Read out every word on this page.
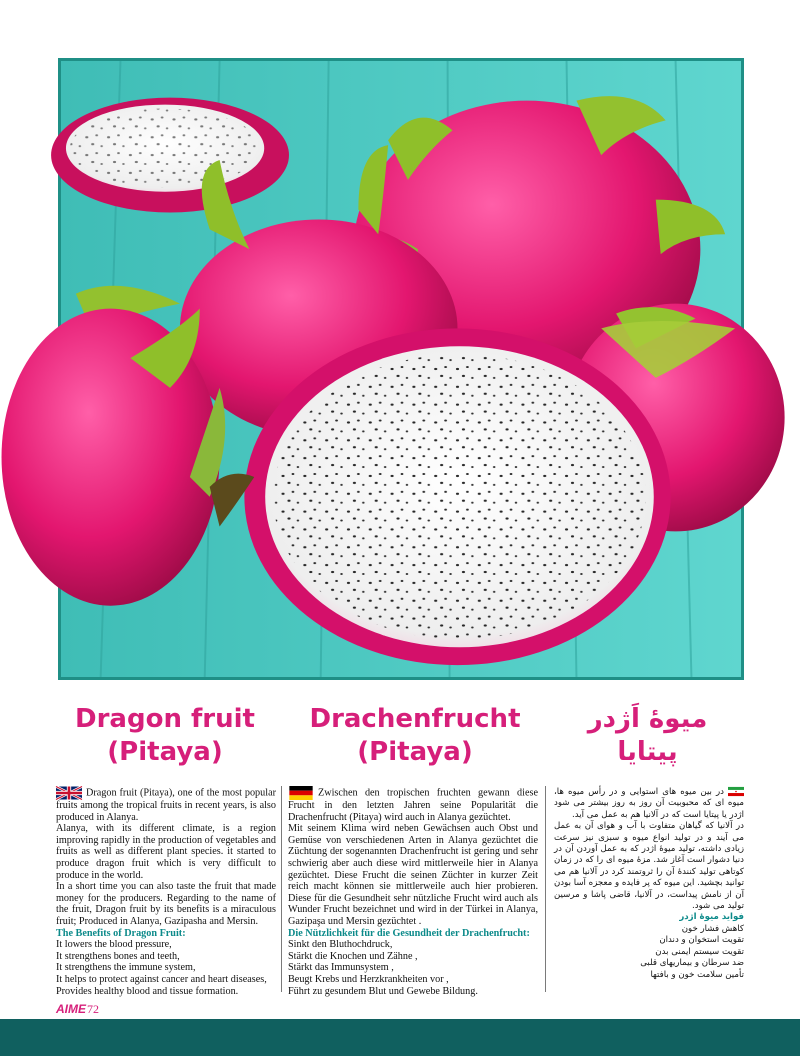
Dragon fruit
(Pitaya)
Drachenfrucht
(Pitaya)
میوهٔ اَژدر
پیتایا

Dragon fruit (Pitaya), one of the most popular fruits among the tropical fruits in recent years, is also produced in Alanya.

Alanya, with its different climate, is a region improving rapidly in the production of vegetables and fruits as well as different plant species. it started to produce dragon fruit which is very difficult to produce in the world.

In a short time you can also taste the fruit that made money for the producers. Regarding to the name of the fruit, Dragon fruit by its benefits is a miraculous fruit; Produced in Alanya, Gazipasha and Mersin.

The Benefits of Dragon Fruit:

It lowers the blood pressure,

It strengthens bones and teeth,

It strengthens the immune system,

It helps to protect against cancer and heart diseases,

Provides healthy blood and tissue formation.

Zwischen den tropischen fruchten gewann diese Frucht in den letzten Jahren seine Popularität die Drachenfrucht (Pitaya) wird auch in Alanya gezüchtet.

Mit seinem Klima wird neben Gewächsen auch Obst und Gemüse von verschiedenen Arten in Alanya gezüchtet die Züchtung der sogenannten Drachenfrucht ist gering und sehr schwierig aber auch diese wird mittlerweile hier in Alanya gezüchtet. Diese Frucht die seinen Züchter in kurzer Zeit reich macht können sie mittlerweile auch hier probieren. Diese für die Gesundheit sehr nützliche Frucht wird auch als Wunder Frucht bezeichnet und wird in der Türkei in Alanya, Gazipaşa und Mersin gezüchtet .

Die Nützlichkeit für die Gesundheit der Drachenfrucht:

Sinkt den Bluthochdruck,

Stärkt die Knochen und Zähne ,

Stärkt das Immunsystem ,

Beugt Krebs und Herzkrankheiten vor ,

Führt zu gesundem Blut und Gewebe Bildung.

در بین میوه های استوایی و در رأس میوه ها، میوه ای که محبوبیت آن روز به روز بیشتر می شود اژدر یا پیتایا است که در آلانیا هم به عمل می آید.

در آلانیا که گیاهان متفاوت با آب و هوای آن به عمل می آیند و در تولید انواع میوه و سبزی نیز سرعت زیادی داشته، تولید میوهٔ اژدر که به عمل آوردن آن در دنیا دشوار است آغاز شد. مزهٔ میوه ای را که در زمان کوتاهی تولید کنندهٔ آن را ثروتمند کرد در آلانیا هم می توانید بچشید. این میوه که پر فایده و معجزه آسا بودن آن از نامش پیداست، در آلانیا، قاضی پاشا و مرسین تولید می شود.

فواید میوهٔ اژدر

کاهش فشار خون

تقویت استخوان و دندان

تقویت سیستم ایمنی بدن

ضد سرطان و بیماریهای قلبی

تأمین سلامت خون و بافتها

AIME 72
